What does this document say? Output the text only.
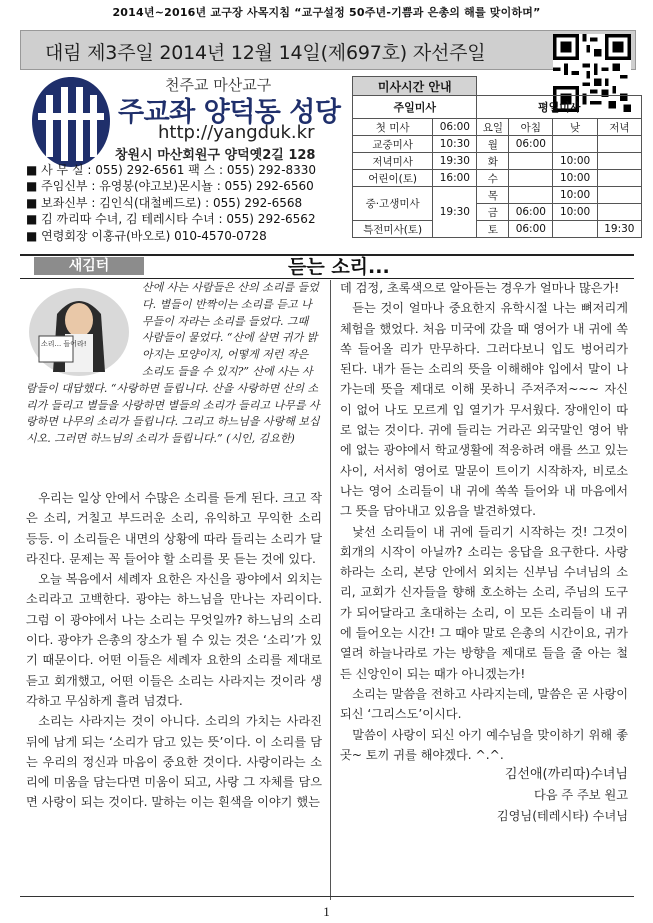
2014년~2016년 교구장 사목지침 “교구설정 50주년-기쁨과 은총의 해를 맞이하며”
대림 제3주일 2014년 12월 14일(제697호) 자선주일
천주교 마산교구
주교좌 양덕동 성당
http://yangduk.kr
창원시 마산회원구 양덕옛2길 128
■ 사 무 실 : 055) 292-6561 팩 스 : 055) 292-8330
■ 주임신부 : 유영봉(야고보)몬시뇰 : 055) 292-6560
■ 보좌신부 : 김인식(대철베드로) : 055) 292-6568
■ 김 까리따 수녀, 김 테레시타 수녀 : 055) 292-6562
■ 연령회장 이홍규(바오로) 010-4570-0728
미사시간 안내					
주일미사		평일미사			
첫 미사	06:00	요일	아침	낮	저녁
교중미사	10:30	월	06:00		
저녁미사	19:30	화		10:00	
어린이(토)	16:00	수		10:00	
중·고생미사	19:30	목		10:00	
		금	06:00	10:00	
특전미사(토)		토	06:00		19:30
새김터	듣는 소리...
산에 사는 사람들은 산의 소리를 들었다. 별들이 반짝이는 소리를 듣고 나무들이 자라는 소리를 들었다. 그때 사람들이 물었다. “산에 살면 귀가 밝아지는 모양이지, 어떻게 저런 작은 소리도 들을 수 있지?” 산에 사는 사람들이 대답했다. “사랑하면 들립니다. 산을 사랑하면 산의 소리가 들리고 별들을 사랑하면 별들의 소리가 들리고 나무를 사랑하면 나무의 소리가 들립니다. 그리고 하느님을 사랑해 보십시오. 그러면 하느님의 소리가 들립니다.” (시인, 김요한)

우리는 일상 안에서 수많은 소리를 듣게 된다. 크고 작은 소리, 거칠고 부드러운 소리, 유익하고 무익한 소리 등등. 이 소리들은 내면의 상황에 따라 들리는 소리가 달라진다. 문제는 꼭 들어야 할 소리를 못 듣는 것에 있다.

오늘 복음에서 세례자 요한은 자신을 광야에서 외치는 소리라고 고백한다. 광야는 하느님을 만나는 자리이다. 그럼 이 광야에서 나는 소리는 무엇일까? 하느님의 소리이다. 광야가 은총의 장소가 될 수 있는 것은 ‘소리’가 있기 때문이다. 어떤 이들은 세례자 요한의 소리를 제대로 듣고 회개했고, 어떤 이들은 소리는 사라지는 것이라 생각하고 무심하게 흘려 넘겼다.

소리는 사라지는 것이 아니다. 소리의 가치는 사라진 뒤에 남게 되는 ‘소리가 담고 있는 뜻’이다. 이 소리를 담는 우리의 정신과 마음이 중요한 것이다. 사랑이라는 소리에 미움을 담는다면 미움이 되고, 사랑 그 자체를 담으면 사랑이 되는 것이다. 말하는 이는 흰색을 이야기 했는

소리... 들어라!

데 검정, 초록색으로 알아듣는 경우가 얼마나 많은가!

듣는 것이 얼마나 중요한지 유학시절 나는 뼈저리게 체험을 했었다. 처음 미국에 갔을 때 영어가 내 귀에 쏙쏙 들어올 리가 만무하다. 그러다보니 입도 벙어리가 된다. 내가 듣는 소리의 뜻을 이해해야 입에서 말이 나가는데 뜻을 제대로 이해 못하니 주저주저~~~ 자신이 없어 나도 모르게 입 열기가 무서웠다. 장애인이 따로 없는 것이다. 귀에 들리는 거라곤 외국말인 영어 밖에 없는 광야에서 학교생활에 적응하려 애를 쓰고 있는 사이, 서서히 영어로 말문이 트이기 시작하자, 비로소 나는 영어 소리들이 내 귀에 쏙쏙 들어와 내 마음에서 그 뜻을 담아내고 있음을 발견하였다.

낯선 소리들이 내 귀에 들리기 시작하는 것! 그것이 회개의 시작이 아닐까? 소리는 응답을 요구한다. 사랑하라는 소리, 본당 안에서 외치는 신부님 수녀님의 소리, 교회가 신자들을 향해 호소하는 소리, 주님의 도구가 되어달라고 초대하는 소리, 이 모든 소리들이 내 귀에 들어오는 시간! 그 때야 말로 은총의 시간이요, 귀가 열려 하늘나라로 가는 방향을 제대로 들을 줄 아는 철 든 신앙인이 되는 때가 아니겠는가!

소리는 말씀을 전하고 사라지는데, 말씀은 곧 사랑이 되신 ‘그리스도’이시다.

말씀이 사랑이 되신 아기 예수님을 맞이하기 위해 좋곳~ 토끼 귀를 해야겠다. ^.^.

김선애(까리따)수녀님
다음 주 주보 원고
김영님(테레시타) 수녀님
1
